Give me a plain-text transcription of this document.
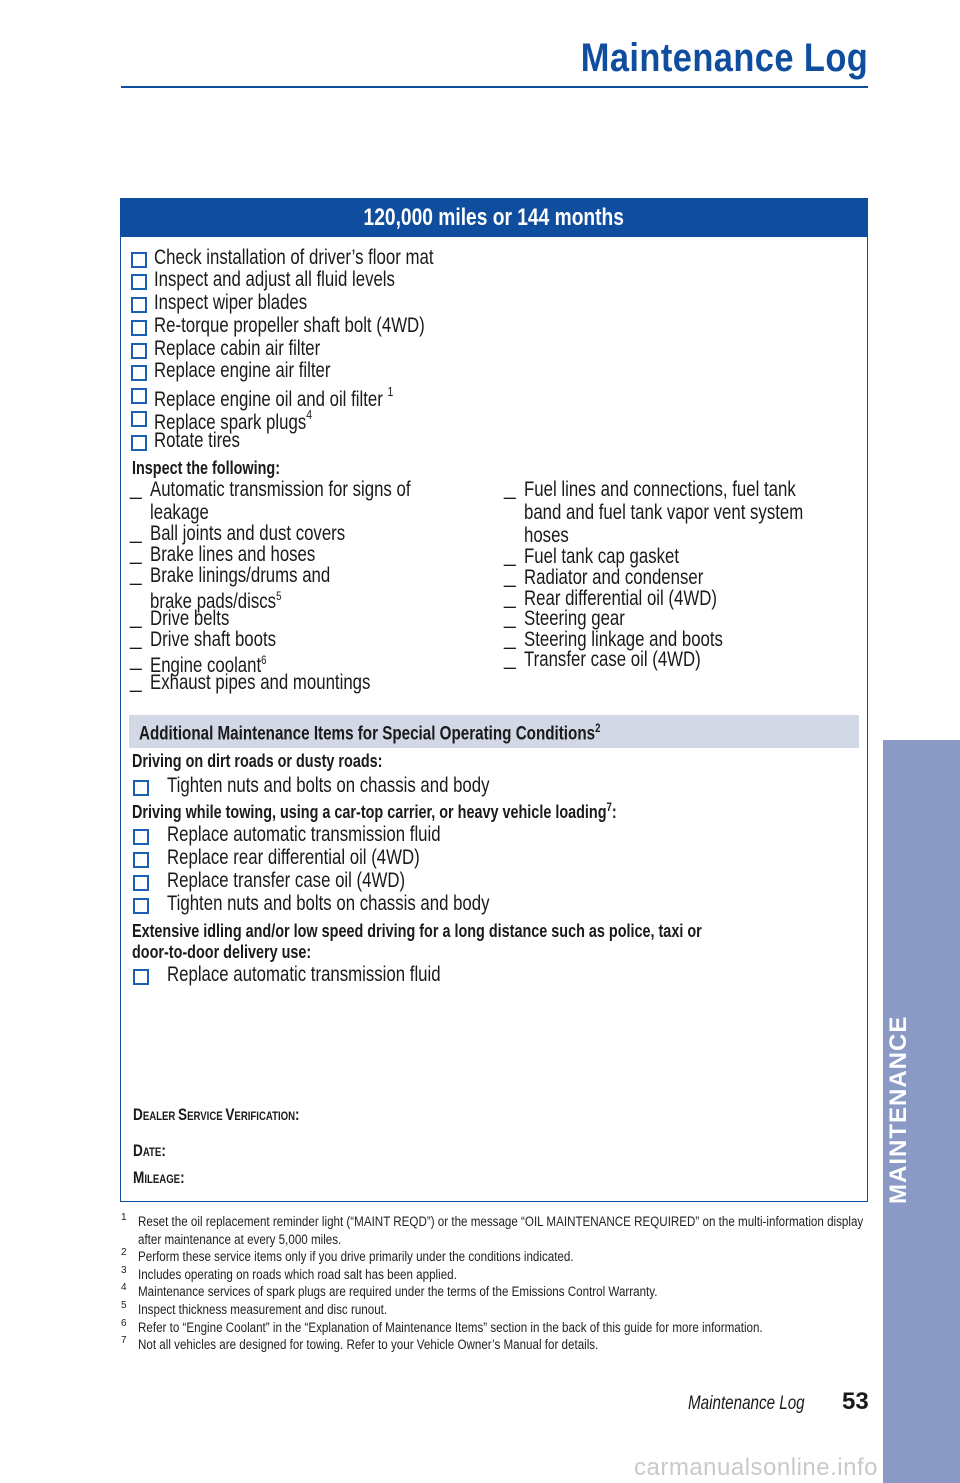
Maintenance Log
120,000 miles or 144 months
Check installation of driver’s floor mat
Inspect and adjust all fluid levels
Inspect wiper blades
Re-torque propeller shaft bolt (4WD)
Replace cabin air filter
Replace engine air filter
Replace engine oil and oil filter $^1$
Replace spark plugs$^4$
Rotate tires
Inspect the following:
_ Automatic transmission for signs of
leakage
_ Ball joints and dust covers
_ Brake lines and hoses
_ Brake linings/drums and
brake pads/discs$^5$
_ Drive belts
_ Drive shaft boots
_ Engine coolant$^6$
_ Exhaust pipes and mountings
_ Fuel lines and connections, fuel tank
band and fuel tank vapor vent system
hoses
_ Fuel tank cap gasket
_ Radiator and condenser
_ Rear differential oil (4WD)
_ Steering gear
_ Steering linkage and boots
_ Transfer case oil (4WD)
Additional Maintenance Items for Special Operating Conditions$^2$
Driving on dirt roads or dusty roads:
Tighten nuts and bolts on chassis and body
Driving while towing, using a car-top carrier, or heavy vehicle loading$^7$:
Replace automatic transmission fluid
Replace rear differential oil (4WD)
Replace transfer case oil (4WD)
Tighten nuts and bolts on chassis and body
Extensive idling and/or low speed driving for a long distance such as police, taxi or
door-to-door delivery use:
Replace automatic transmission fluid
DEALER SERVICE VERIFICATION:
DATE:
MILEAGE:
1 Reset the oil replacement reminder light (“MAINT REQD”) or the message “OIL MAINTENANCE REQUIRED” on the multi-information display after maintenance at every 5,000 miles.
2 Perform these service items only if you drive primarily under the conditions indicated.
3 Includes operating on roads which road salt has been applied.
4 Maintenance services of spark plugs are required under the terms of the Emissions Control Warranty.
5 Inspect thickness measurement and disc runout.
6 Refer to “Engine Coolant” in the “Explanation of Maintenance Items” section in the back of this guide for more information.
7 Not all vehicles are designed for towing. Refer to your Vehicle Owner’s Manual for details.
MAINTENANCE
Maintenance Log	53
carmanualsonline.info
